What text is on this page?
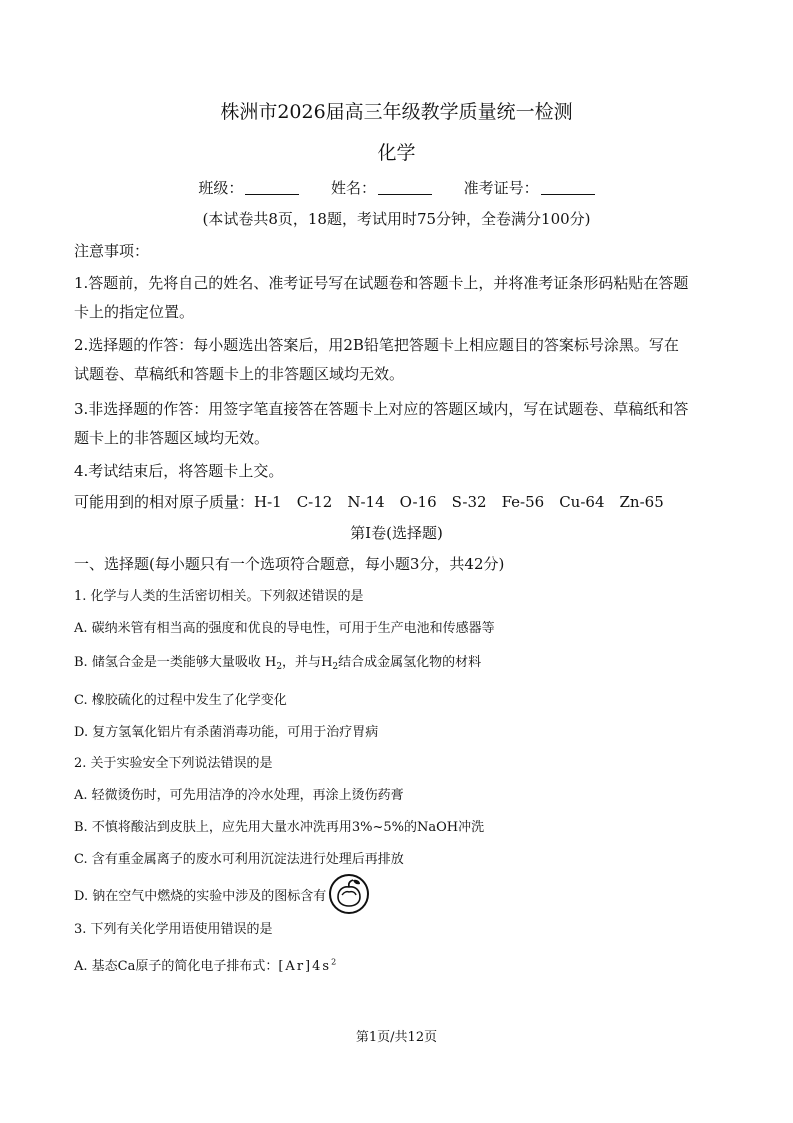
株洲市2026届高三年级教学质量统一检测
化学
班级：	姓名：	准考证号：
(本试卷共8页，18题，考试用时75分钟，全卷满分100分)
注意事项：
1.答题前，先将自己的姓名、准考证号写在试题卷和答题卡上，并将准考证条形码粘贴在答题
卡上的指定位置。
2.选择题的作答：每小题选出答案后，用2B铅笔把答题卡上相应题目的答案标号涂黑。写在
试题卷、草稿纸和答题卡上的非答题区域均无效。
3.非选择题的作答：用签字笔直接答在答题卡上对应的答题区域内，写在试题卷、草稿纸和答
题卡上的非答题区域均无效。
4.考试结束后，将答题卡上交。
可能用到的相对原子质量：H-1　C-12　N-14　O-16　S-32　Fe-56　Cu-64　Zn-65
第Ⅰ卷(选择题)
一、选择题(每小题只有一个选项符合题意，每小题3分，共42分)
1. 化学与人类的生活密切相关。下列叙述错误的是
A. 碳纳米管有相当高的强度和优良的导电性，可用于生产电池和传感器等
B. 储氢合金是一类能够大量吸收 $H_2$，并与$H_2$结合成金属氢化物的材料
C. 橡胶硫化的过程中发生了化学变化
D. 复方氢氧化铝片有杀菌消毒功能，可用于治疗胃病
2. 关于实验安全下列说法错误的是
A. 轻微烫伤时，可先用洁净的冷水处理，再涂上烫伤药膏
B. 不慎将酸沾到皮肤上，应先用大量水冲洗再用3%~5%的NaOH冲洗
C. 含有重金属离子的废水可利用沉淀法进行处理后再排放
D. 钠在空气中燃烧的实验中涉及的图标含有
3. 下列有关化学用语使用错误的是
A. 基态Ca原子的简化电子排布式：$[Ar]4s^2$
第1页/共12页
